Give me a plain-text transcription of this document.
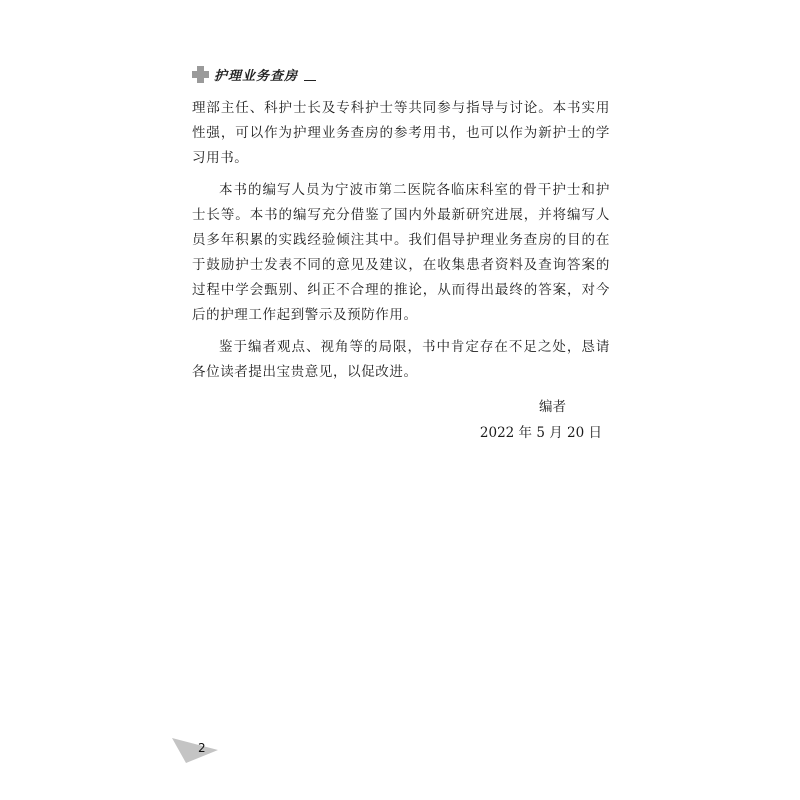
护理业务查房

理部主任、科护士长及专科护士等共同参与指导与讨论。本书实用性强，可以作为护理业务查房的参考用书，也可以作为新护士的学习用书。

本书的编写人员为宁波市第二医院各临床科室的骨干护士和护士长等。本书的编写充分借鉴了国内外最新研究进展，并将编写人员多年积累的实践经验倾注其中。我们倡导护理业务查房的目的在于鼓励护士发表不同的意见及建议，在收集患者资料及查询答案的过程中学会甄别、纠正不合理的推论，从而得出最终的答案，对今后的护理工作起到警示及预防作用。

鉴于编者观点、视角等的局限，书中肯定存在不足之处，恳请各位读者提出宝贵意见，以促改进。

编者
2022 年 5 月 20 日
2
